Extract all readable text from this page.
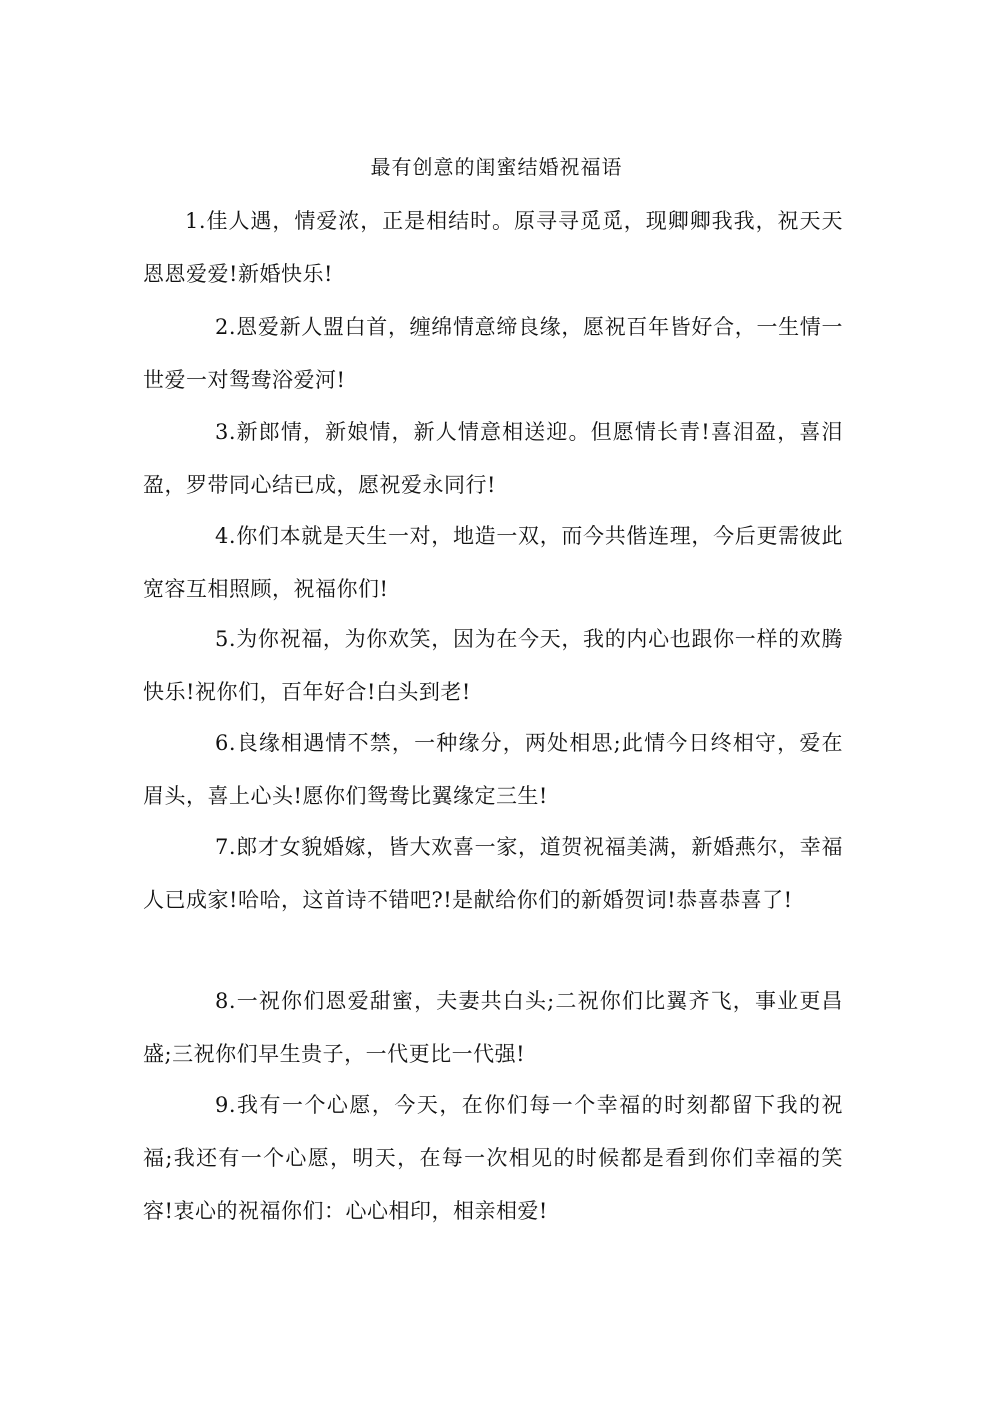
最有创意的闺蜜结婚祝福语

1.佳人遇，情爱浓，正是相结时。原寻寻觅觅，现卿卿我我，祝天天恩恩爱爱!新婚快乐!

2.恩爱新人盟白首，缠绵情意缔良缘，愿祝百年皆好合，一生情一世爱一对鸳鸯浴爱河!

3.新郎情，新娘情，新人情意相送迎。但愿情长青!喜泪盈，喜泪盈，罗带同心结已成，愿祝爱永同行!

4.你们本就是天生一对，地造一双，而今共偕连理，今后更需彼此宽容互相照顾，祝福你们!

5.为你祝福，为你欢笑，因为在今天，我的内心也跟你一样的欢腾快乐!祝你们，百年好合!白头到老!

6.良缘相遇情不禁，一种缘分，两处相思;此情今日终相守，爱在眉头，喜上心头!愿你们鸳鸯比翼缘定三生!

7.郎才女貌婚嫁，皆大欢喜一家，道贺祝福美满，新婚燕尔，幸福人已成家!哈哈，这首诗不错吧?!是献给你们的新婚贺词!恭喜恭喜了!

8.一祝你们恩爱甜蜜，夫妻共白头;二祝你们比翼齐飞，事业更昌盛;三祝你们早生贵子，一代更比一代强!

9.我有一个心愿，今天，在你们每一个幸福的时刻都留下我的祝福;我还有一个心愿，明天，在每一次相见的时候都是看到你们幸福的笑容!衷心的祝福你们：心心相印，相亲相爱!
